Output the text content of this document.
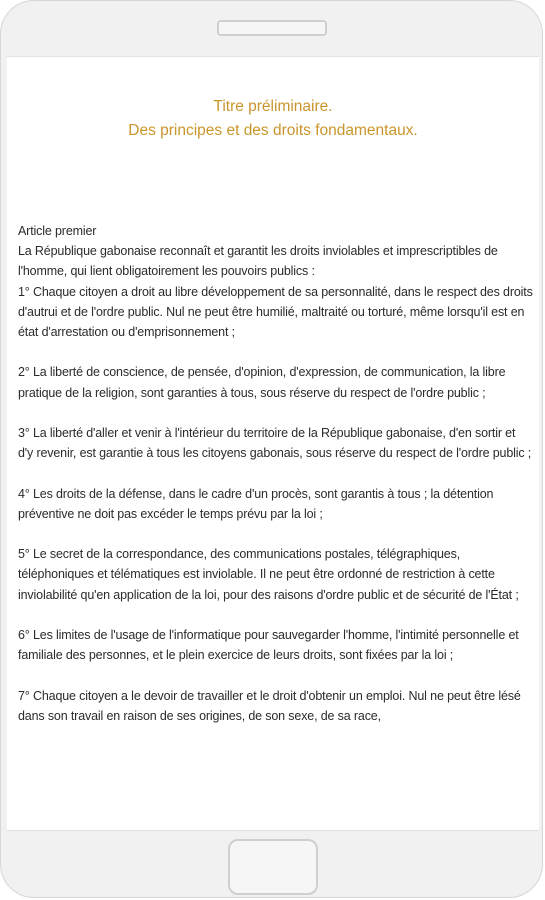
Titre préliminaire.
Des principes et des droits fondamentaux.
Article premier
La République gabonaise reconnaît et garantit les droits inviolables et imprescriptibles de l'homme, qui lient obligatoirement les pouvoirs publics :

1° Chaque citoyen a droit au libre développement de sa personnalité, dans le respect des droits d'autrui et de l'ordre public. Nul ne peut être humilié, maltraité ou torturé, même lorsqu'il est en état d'arrestation ou d'emprisonnement ;

2° La liberté de conscience, de pensée, d'opinion, d'expression, de communication, la libre pratique de la religion, sont garanties à tous, sous réserve du respect de l'ordre public ;

3° La liberté d'aller et venir à l'intérieur du territoire de la République gabonaise, d'en sortir et d'y revenir, est garantie à tous les citoyens gabonais, sous réserve du respect de l'ordre public ;

4° Les droits de la défense, dans le cadre d'un procès, sont garantis à tous ; la détention préventive ne doit pas excéder le temps prévu par la loi ;

5° Le secret de la correspondance, des communications postales, télégraphiques, téléphoniques et télématiques est inviolable. Il ne peut être ordonné de restriction à cette inviolabilité qu'en application de la loi, pour des raisons d'ordre public et de sécurité de l'État ;

6° Les limites de l'usage de l'informatique pour sauvegarder l'homme, l'intimité personnelle et familiale des personnes, et le plein exercice de leurs droits, sont fixées par la loi ;

7° Chaque citoyen a le devoir de travailler et le droit d'obtenir un emploi. Nul ne peut être lésé dans son travail en raison de ses origines, de son sexe, de sa race,
